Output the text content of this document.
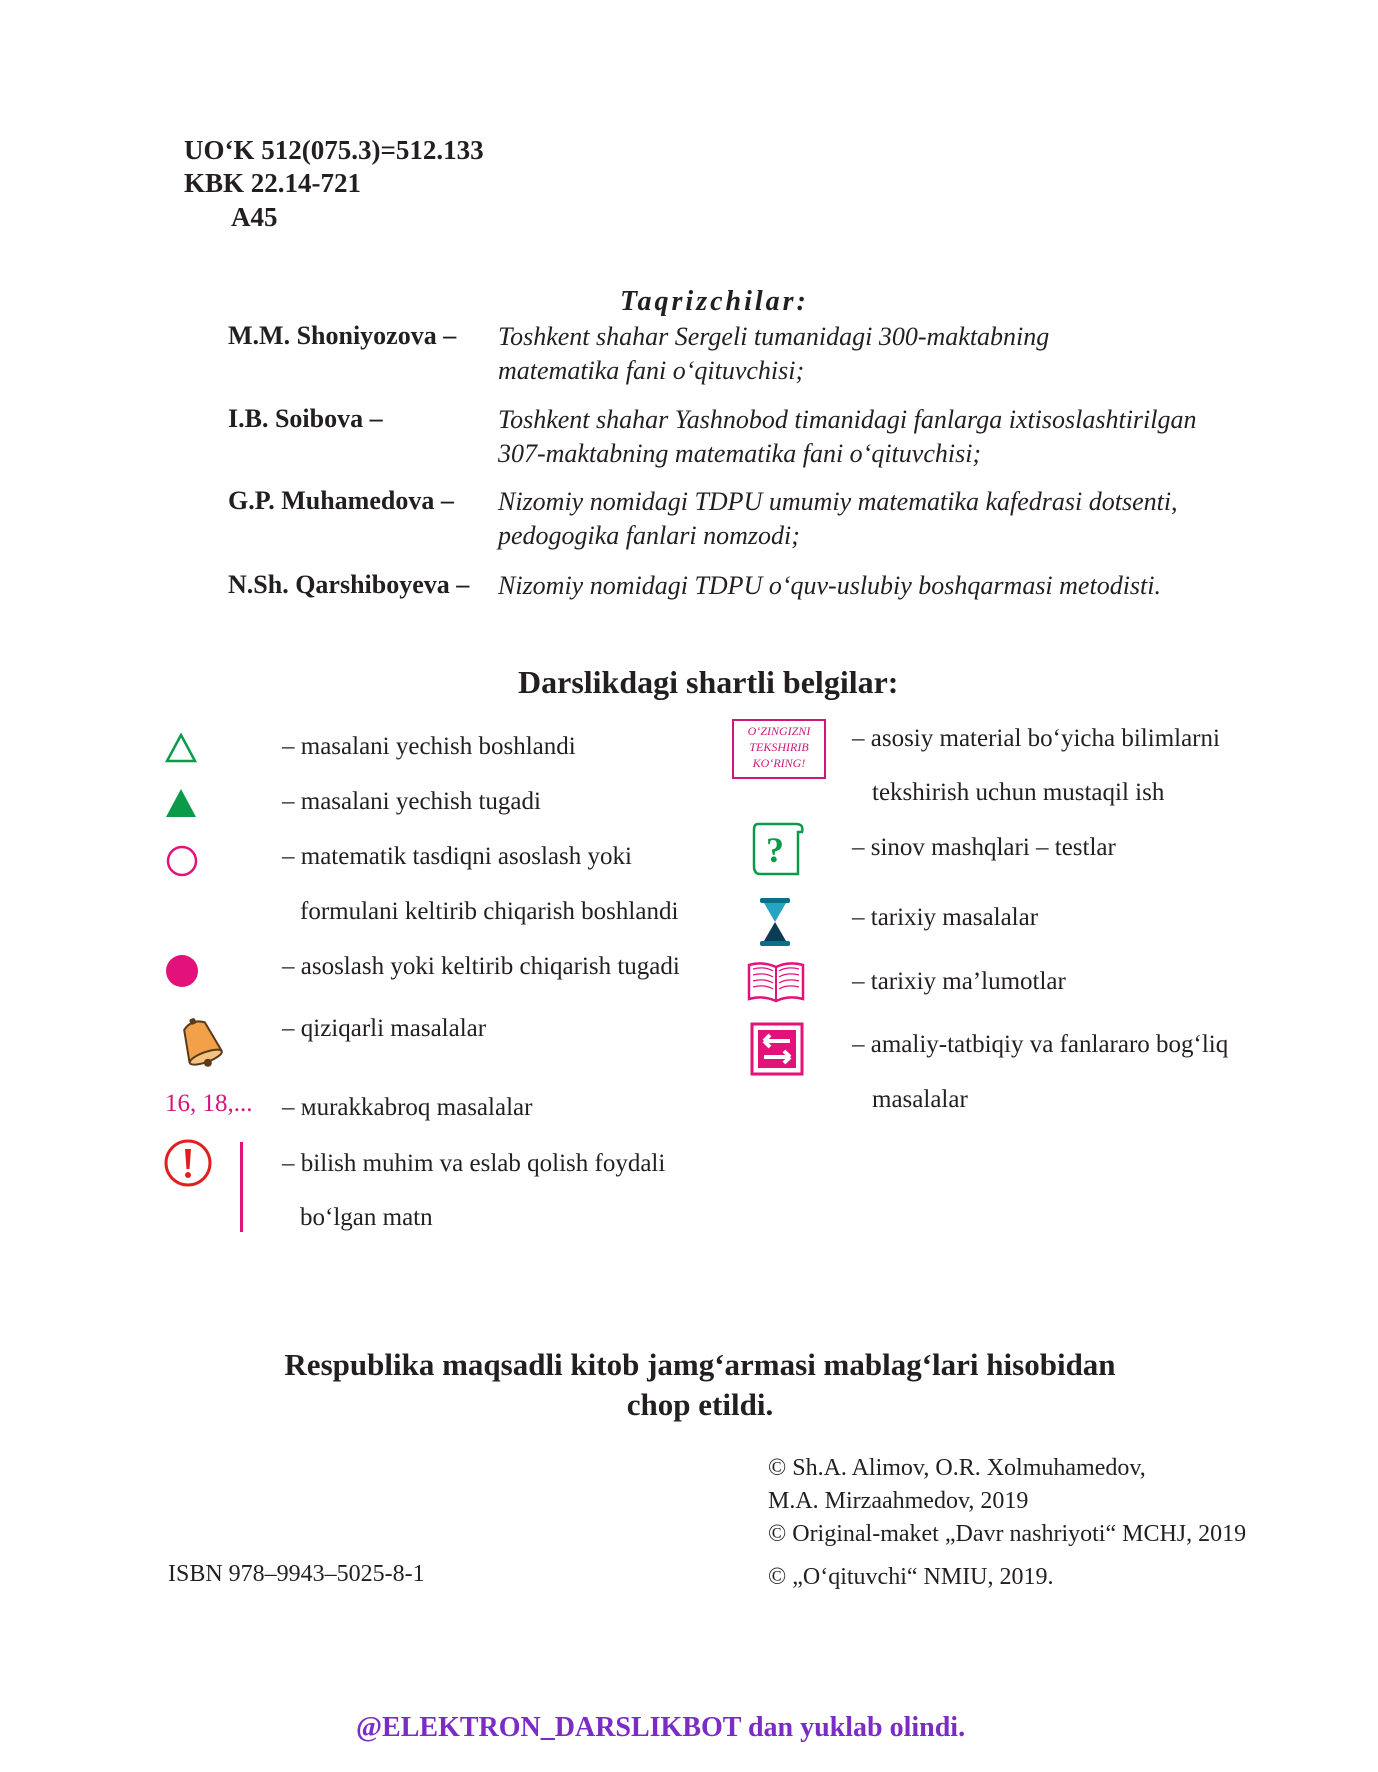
UO‘K 512(075.3)=512.133
KBK 22.14-721
A45
Taqrizchilar:
M.M. Shoniyozova – Toshkent shahar Sergeli tumanidagi 300-maktabning
matematika fani o‘qituvchisi;
I.B. Soibova –	Toshkent shahar Yashnobod timanidagi fanlarga ixtisoslashtirilgan
307-maktabning matematika fani o‘qituvchisi;
G.P. Muhamedova – Nizomiy nomidagi TDPU umumiy matematika kafedrasi dotsenti,
pedogogika fanlari nomzodi;
N.Sh. Qarshiboyeva – Nizomiy nomidagi TDPU o‘quv-uslubiy boshqarmasi metodisti.
Darslikdagi shartli belgilar:
– masalani yechish boshlandi
– masalani yechish tugadi
– matematik tasdiqni asoslash yoki
formulani keltirib chiqarish boshlandi
– asoslash yoki keltirib chiqarish tugadi
– qiziqarli masalalar
16, 18,... – мurakkabroq masalalar
– bilish muhim va eslab qolish foydali
bo‘lgan matn
O‘ZINGIZNI
TEKSHIRIB
KO‘RING!
– asosiy material bo‘yicha bilimlarni
tekshirish uchun mustaqil ish
?	– sinov mashqlari – testlar
– tarixiy masalalar
– tarixiy ma’lumotlar
– amaliy-tatbiqiy va fanlararo bog‘liq
masalalar
Respublika maqsadli kitob jamg‘armasi mablag‘lari hisobidan
chop etildi.
© Sh.A. Alimov, O.R. Xolmuhamedov,
M.A. Mirzaahmedov, 2019
© Original-maket „Davr nashriyoti“ MCHJ, 2019
© „O‘qituvchi“ NMIU, 2019.
ISBN 978–9943–5025-8-1
@ELEKTRON_DARSLIKBOT dan yuklab olindi.
